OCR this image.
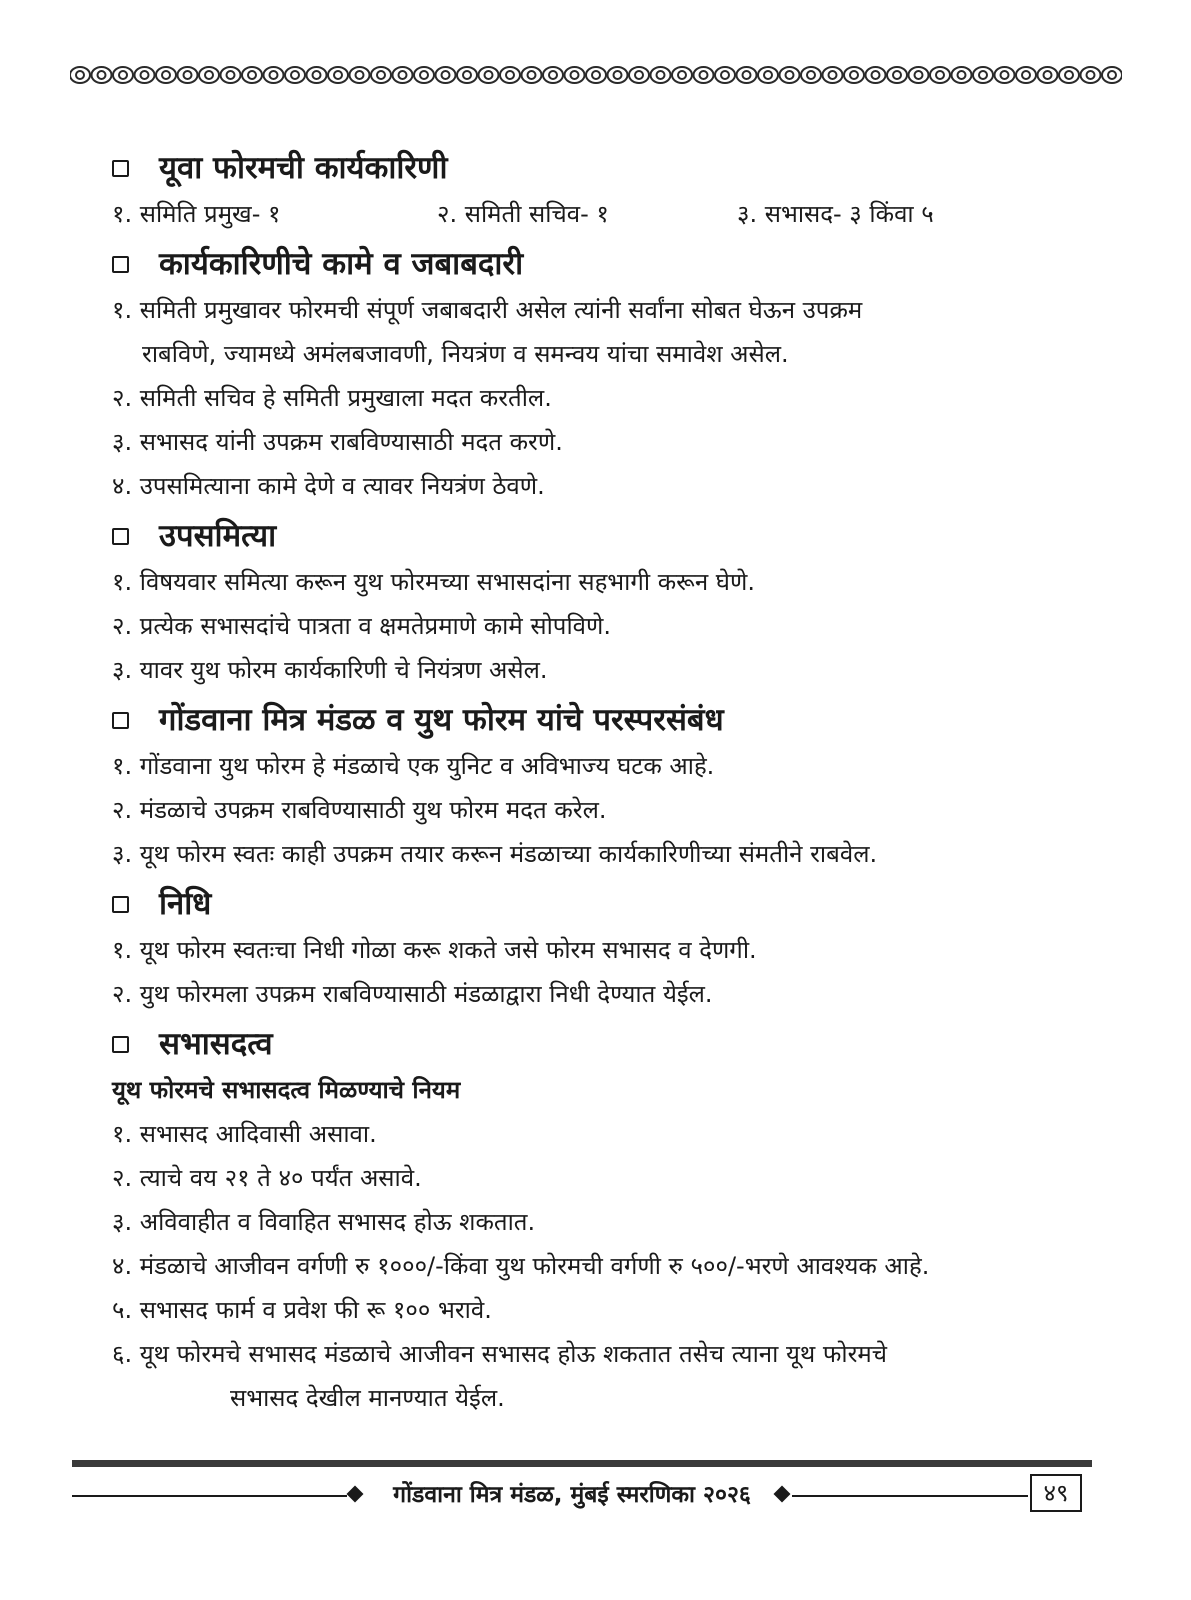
यूवा फोरमची कार्यकारिणी
१. समिति प्रमुख- १	२. समिती सचिव- १	३. सभासद- ३ किंवा ५
कार्यकारिणीचे कामे व जबाबदारी
१. समिती प्रमुखावर फोरमची संपूर्ण जबाबदारी असेल त्यांनी सर्वांना सोबत घेऊन उपक्रम
राबविणे, ज्यामध्ये अमंलबजावणी, नियत्रंण व समन्वय यांचा समावेश असेल.
२. समिती सचिव हे समिती प्रमुखाला मदत करतील.
३. सभासद यांनी उपक्रम राबविण्यासाठी मदत करणे.
४. उपसमित्याना कामे देणे व त्यावर नियत्रंण ठेवणे.
उपसमित्या
१. विषयवार समित्या करून युथ फोरमच्या सभासदांना सहभागी करून घेणे.
२. प्रत्येक सभासदांचे पात्रता व क्षमतेप्रमाणे कामे सोपविणे.
३. यावर युथ फोरम कार्यकारिणी चे नियंत्रण असेल.
गोंडवाना मित्र मंडळ व युथ फोरम यांचे परस्परसंबंध
१. गोंडवाना युथ फोरम हे मंडळाचे एक युनिट व अविभाज्य घटक आहे.
२. मंडळाचे उपक्रम राबविण्यासाठी युथ फोरम मदत करेल.
३. यूथ फोरम स्वतः काही उपक्रम तयार करून मंडळाच्या कार्यकारिणीच्या संमतीने राबवेल.
निधि
१. यूथ फोरम स्वतःचा निधी गोळा करू शकते जसे फोरम सभासद व देणगी.
२. युथ फोरमला उपक्रम राबविण्यासाठी मंडळाद्वारा निधी देण्यात येईल.
सभासदत्व
यूथ फोरमचे सभासदत्व मिळण्याचे नियम
१. सभासद आदिवासी असावा.
२. त्याचे वय २१ ते ४० पर्यंत असावे.
३. अविवाहीत व विवाहित सभासद होऊ शकतात.
४. मंडळाचे आजीवन वर्गणी रु १०००/-किंवा युथ फोरमची वर्गणी रु ५००/-भरणे आवश्यक आहे.
५. सभासद फार्म व प्रवेश फी रू १०० भरावे.
६. यूथ फोरमचे सभासद मंडळाचे आजीवन सभासद होऊ शकतात तसेच त्याना यूथ फोरमचे
सभासद देखील मानण्यात येईल.
गोंडवाना मित्र मंडळ, मुंबई स्मरणिका २०२६	४९
